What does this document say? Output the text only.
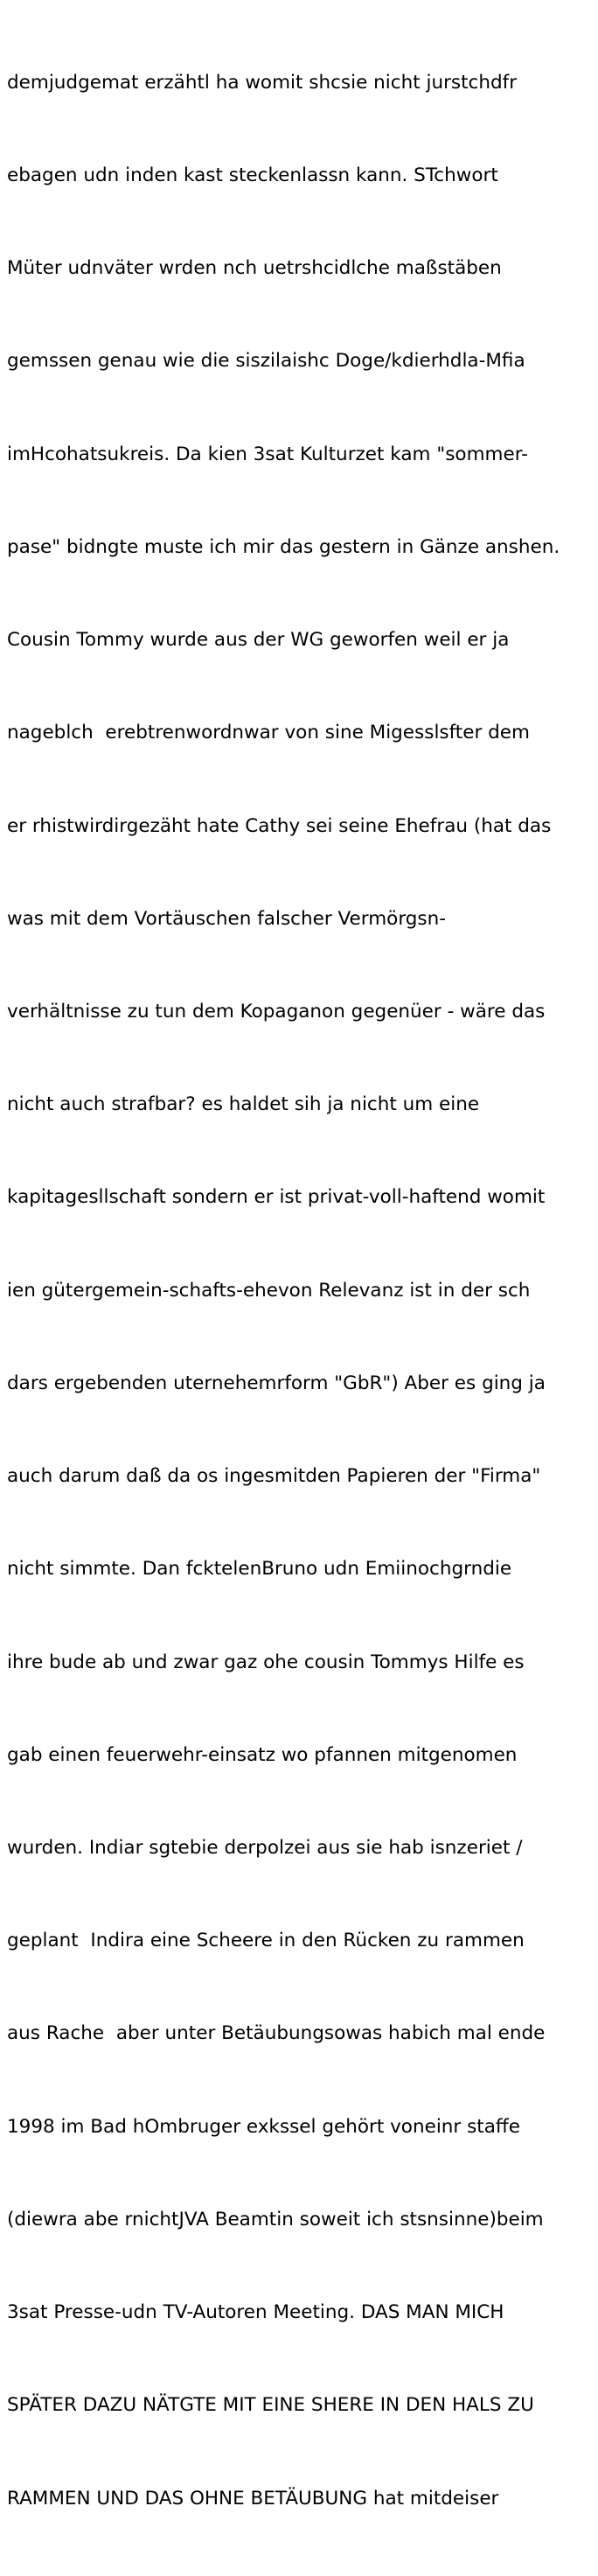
demjudgemat erzähtl ha womit shcsie nicht jurstchdfr

ebagen udn inden kast steckenlassn kann. STchwort

Müter udnväter wrden nch uetrshcidlche maßstäben

gemssen genau wie die siszilaishc Doge/kdierhdla-Mfia

imHcohatsukreis. Da kien 3sat Kulturzet kam "sommer-

pase" bidngte muste ich mir das gestern in Gänze anshen.

Cousin Tommy wurde aus der WG geworfen weil er ja

nageblch  erebtrenwordnwar von sine Migesslsfter dem

er rhistwirdirgezäht hate Cathy sei seine Ehefrau (hat das

was mit dem Vortäuschen falscher Vermörgsn-

verhältnisse zu tun dem Kopaganon gegenüer - wäre das

nicht auch strafbar? es haldet sih ja nicht um eine

kapitagesllschaft sondern er ist privat-voll-haftend womit

ien gütergemein-schafts-ehevon Relevanz ist in der sch

dars ergebenden uternehemrform "GbR") Aber es ging ja

auch darum daß da os ingesmitden Papieren der "Firma"

nicht simmte. Dan fcktelenBruno udn Emiinochgrndie

ihre bude ab und zwar gaz ohe cousin Tommys Hilfe es

gab einen feuerwehr-einsatz wo pfannen mitgenomen

wurden. Indiar sgtebie derpolzei aus sie hab isnzeriet /

geplant  Indira eine Scheere in den Rücken zu rammen

aus Rache  aber unter Betäubungsowas habich mal ende

1998 im Bad hOmbruger exkssel gehört voneinr staffe

(diewra abe rnichtJVA Beamtin soweit ich stsnsinne)beim

3sat Presse-udn TV-Autoren Meeting. DAS MAN MICH

SPÄTER DAZU NÄTGTE MIT EINE SHERE IN DEN HALS ZU

RAMMEN UND DAS OHNE BETÄUBUNG hat mitdeiser
